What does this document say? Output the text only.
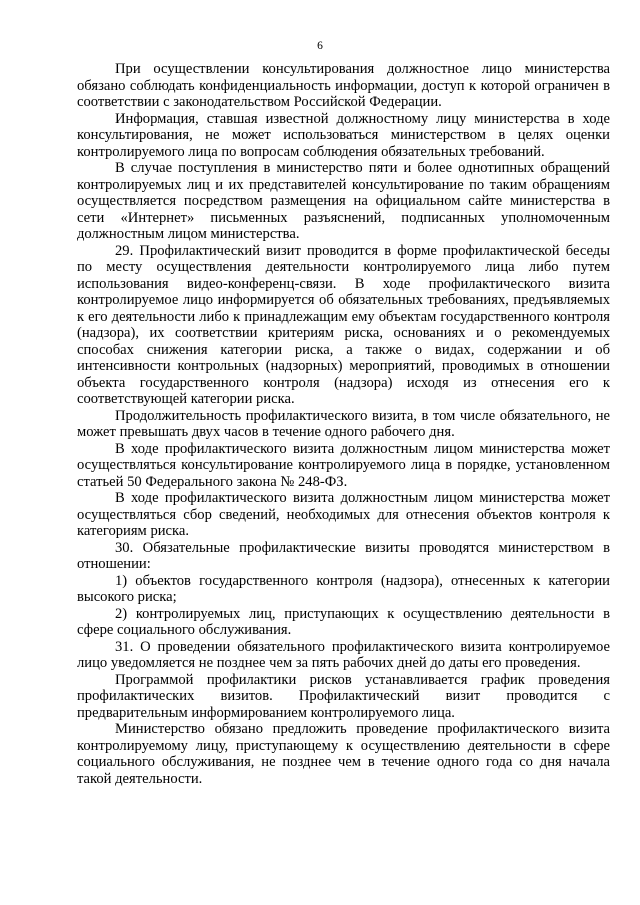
6

При осуществлении консультирования должностное лицо министерства обязано соблюдать конфиденциальность информации, доступ к которой ограничен в соответствии с законодательством Российской Федерации.

Информация, ставшая известной должностному лицу министерства в ходе консультирования, не может использоваться министерством в целях оценки контролируемого лица по вопросам соблюдения обязательных требований.

В случае поступления в министерство пяти и более однотипных обращений контролируемых лиц и их представителей консультирование по таким обращениям осуществляется посредством размещения на официальном сайте министерства в сети «Интернет» письменных разъяснений, подписанных уполномоченным должностным лицом министерства.

29. Профилактический визит проводится в форме профилактической беседы по месту осуществления деятельности контролируемого лица либо путем использования видео-конференц-связи. В ходе профилактического визита контролируемое лицо информируется об обязательных требованиях, предъявляемых к его деятельности либо к принадлежащим ему объектам государственного контроля (надзора), их соответствии критериям риска, основаниях и о рекомендуемых способах снижения категории риска, а также о видах, содержании и об интенсивности контрольных (надзорных) мероприятий, проводимых в отношении объекта государственного контроля (надзора) исходя из отнесения его к соответствующей категории риска.

Продолжительность профилактического визита, в том числе обязательного, не может превышать двух часов в течение одного рабочего дня.

В ходе профилактического визита должностным лицом министерства может осуществляться консультирование контролируемого лица в порядке, установленном статьей 50 Федерального закона № 248-ФЗ.

В ходе профилактического визита должностным лицом министерства может осуществляться сбор сведений, необходимых для отнесения объектов контроля к категориям риска.

30. Обязательные профилактические визиты проводятся министерством в отношении:

1) объектов государственного контроля (надзора), отнесенных к категории высокого риска;

2) контролируемых лиц, приступающих к осуществлению деятельности в сфере социального обслуживания.

31. О проведении обязательного профилактического визита контролируемое лицо уведомляется не позднее чем за пять рабочих дней до даты его проведения.

Программой профилактики рисков устанавливается график проведения профилактических визитов. Профилактический визит проводится с предварительным информированием контролируемого лица.

Министерство обязано предложить проведение профилактического визита контролируемому лицу, приступающему к осуществлению деятельности в сфере социального обслуживания, не позднее чем в течение одного года со дня начала такой деятельности.
